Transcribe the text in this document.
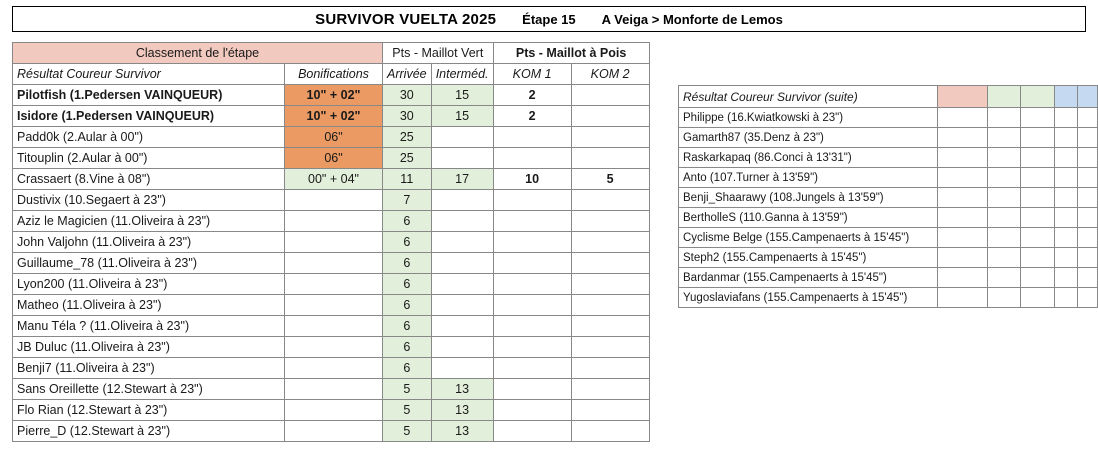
SURVIVOR VUELTA 2025 Étape 15 A Veiga > Monforte de Lemos
Classement de l'étape		Pts - Maillot Vert		Pts - Maillot à Pois	
Résultat Coureur Survivor	Bonifications	Arrivée	Interméd.	KOM 1	KOM 2
Pilotfish (1.Pedersen VAINQUEUR)	10" + 02"	30	15	2	
Isidore (1.Pedersen VAINQUEUR)	10" + 02"	30	15	2	
Padd0k (2.Aular à 00")	06"	25			
Titouplin (2.Aular à 00")	06"	25			
Crassaert (8.Vine à 08")	00" + 04"	11	17	10	5
Dustivix (10.Segaert à 23")		7			
Aziz le Magicien (11.Oliveira à 23")		6			
John Valjohn (11.Oliveira à 23")		6			
Guillaume_78 (11.Oliveira à 23")		6			
Lyon200 (11.Oliveira à 23")		6			
Matheo (11.Oliveira à 23")		6			
Manu Téla ? (11.Oliveira à 23")		6			
JB Duluc (11.Oliveira à 23")		6			
Benji7 (11.Oliveira à 23")		6			
Sans Oreillette (12.Stewart à 23")		5	13		
Flo Rian (12.Stewart à 23")		5	13		
Pierre_D (12.Stewart à 23")		5	13		
Résultat Coureur Survivor (suite)					
Philippe (16.Kwiatkowski à 23")					
Gamarth87 (35.Denz à 23")					
Raskarkapaq (86.Conci à 13'31")					
Anto (107.Turner à 13'59")					
Benji_Shaarawy (108.Jungels à 13'59")					
BertholleS (110.Ganna à 13'59")					
Cyclisme Belge (155.Campenaerts à 15'45")					
Steph2 (155.Campenaerts à 15'45")					
Bardanmar (155.Campenaerts à 15'45")					
Yugoslaviafans (155.Campenaerts à 15'45")					
